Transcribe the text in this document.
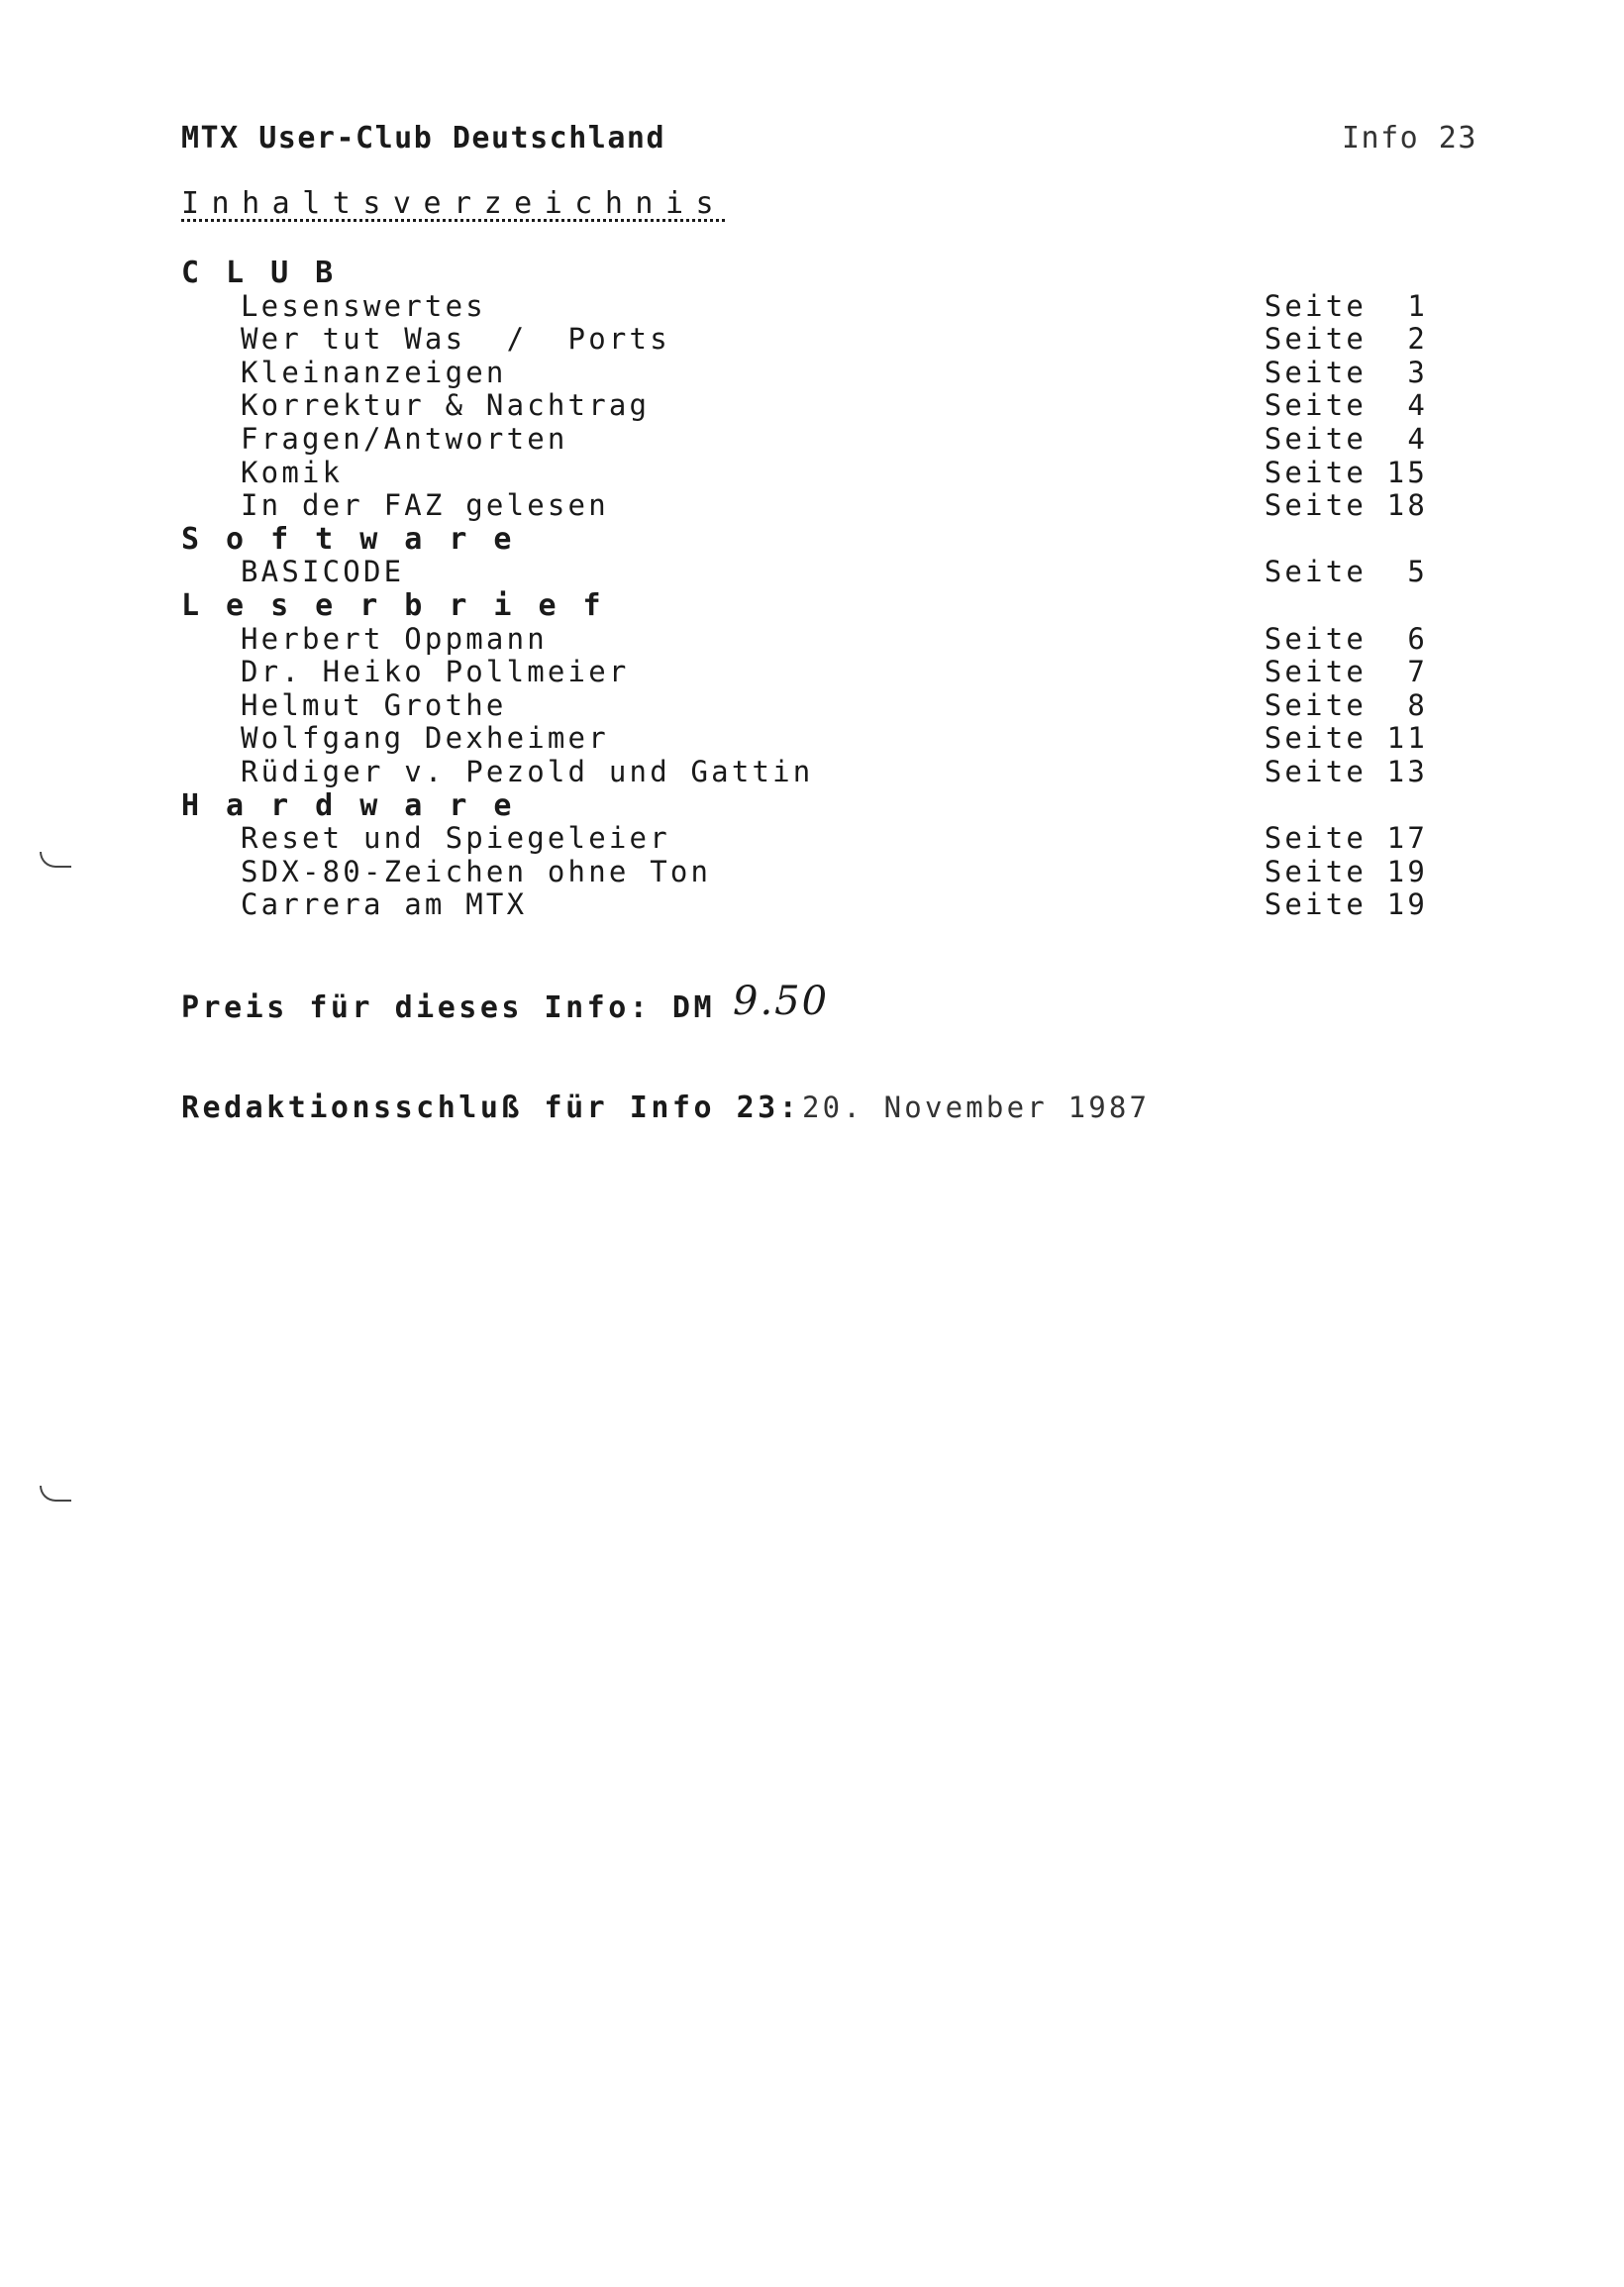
MTX User-Club Deutschland	Info 23
Inhaltsverzeichnis
CLUB
Lesenswertes	Seite  1
Wer tut Was  /  Ports	Seite  2
Kleinanzeigen	Seite  3
Korrektur & Nachtrag	Seite  4
Fragen/Antworten	Seite  4
Komik	Seite 15
In der FAZ gelesen	Seite 18
Software
BASICODE	Seite  5
Leserbrief
Herbert Oppmann	Seite  6
Dr. Heiko Pollmeier	Seite  7
Helmut Grothe	Seite  8
Wolfgang Dexheimer	Seite 11
Rüdiger v. Pezold und Gattin	Seite 13
Hardware
Reset und Spiegeleier	Seite 17
SDX-80-Zeichen ohne Ton	Seite 19
Carrera am MTX	Seite 19
Preis für dieses Info: DM 9.50
Redaktionsschluß für Info 23: 20. November 1987
